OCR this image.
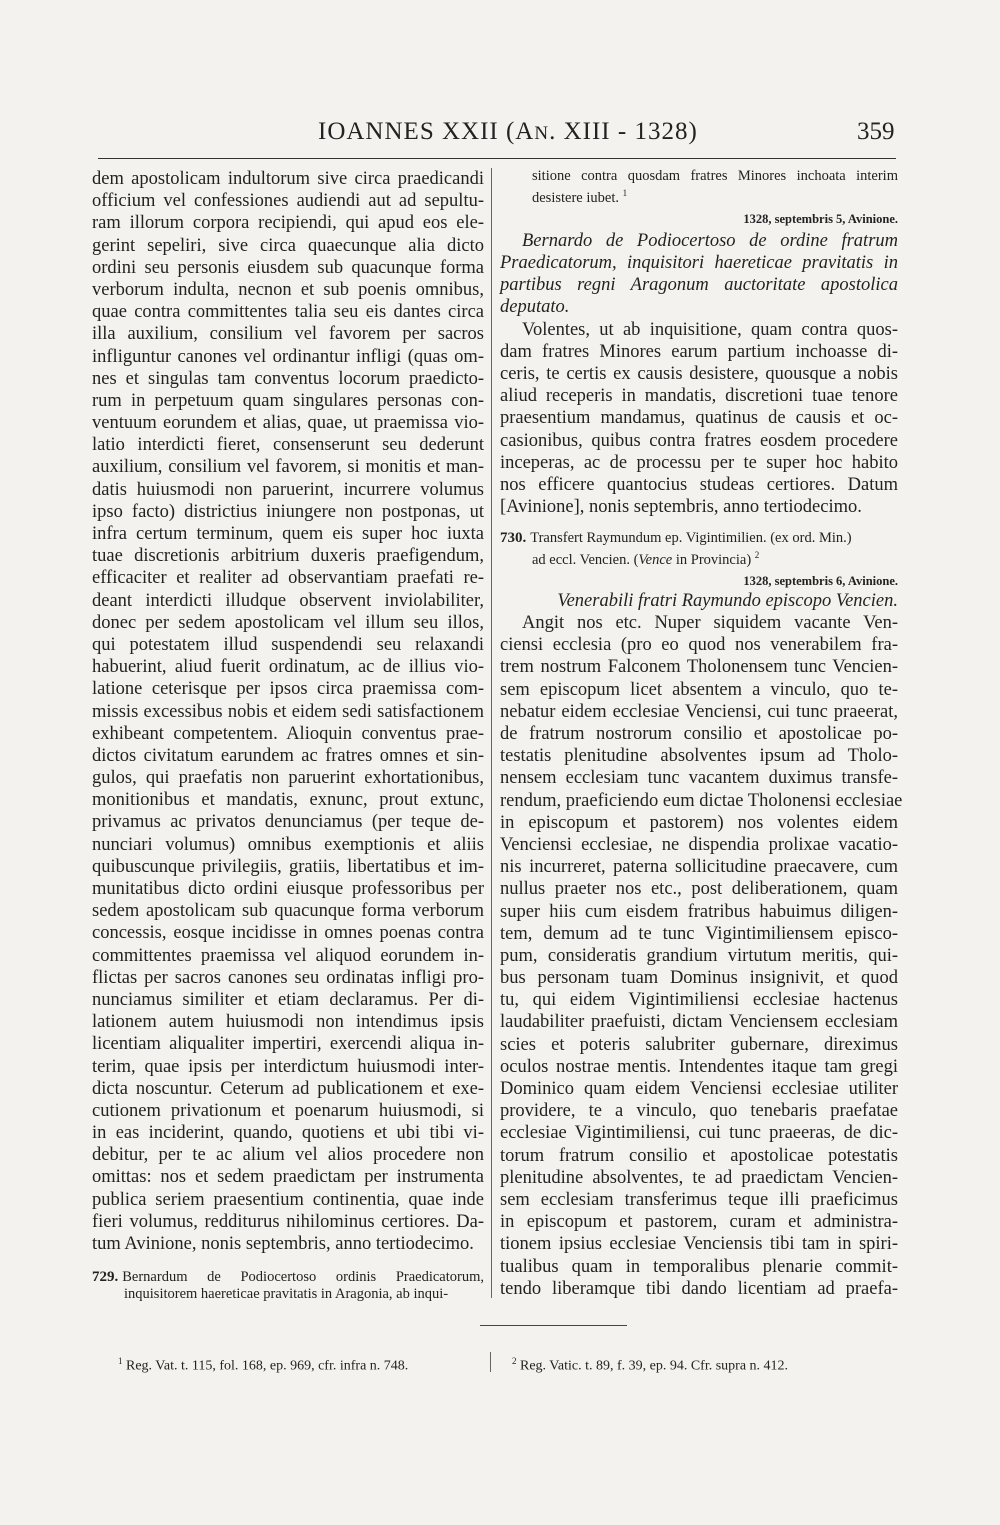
IOANNES XXII (AN. XIII - 1328)	359
dem apostolicam indultorum sive circa praedicandi
officium vel confessiones audiendi aut ad sepultu-
ram illorum corpora recipiendi, qui apud eos ele-
gerint sepeliri, sive circa quaecunque alia dicto
ordini seu personis eiusdem sub quacunque forma
verborum indulta, necnon et sub poenis omnibus,
quae contra committentes talia seu eis dantes circa
illa auxilium, consilium vel favorem per sacros
infliguntur canones vel ordinantur infligi (quas om-
nes et singulas tam conventus locorum praedicto-
rum in perpetuum quam singulares personas con-
ventuum eorundem et alias, quae, ut praemissa vio-
latio interdicti fieret, consenserunt seu dederunt
auxilium, consilium vel favorem, si monitis et man-
datis huiusmodi non paruerint, incurrere volumus
ipso facto) districtius iniungere non postponas, ut
infra certum terminum, quem eis super hoc iuxta
tuae discretionis arbitrium duxeris praefigendum,
efficaciter et realiter ad observantiam praefati re-
deant interdicti illudque observent inviolabiliter,
donec per sedem apostolicam vel illum seu illos,
qui potestatem illud suspendendi seu relaxandi
habuerint, aliud fuerit ordinatum, ac de illius vio-
latione ceterisque per ipsos circa praemissa com-
missis excessibus nobis et eidem sedi satisfactionem
exhibeant competentem. Alioquin conventus prae-
dictos civitatum earundem ac fratres omnes et sin-
gulos, qui praefatis non paruerint exhortationibus,
monitionibus et mandatis, exnunc, prout extunc,
privamus ac privatos denunciamus (per teque de-
nunciari volumus) omnibus exemptionis et aliis
quibuscunque privilegiis, gratiis, libertatibus et im-
munitatibus dicto ordini eiusque professoribus per
sedem apostolicam sub quacunque forma verborum
concessis, eosque incidisse in omnes poenas contra
committentes praemissa vel aliquod eorundem in-
flictas per sacros canones seu ordinatas infligi pro-
nunciamus similiter et etiam declaramus. Per di-
lationem autem huiusmodi non intendimus ipsis
licentiam aliqualiter impertiri, exercendi aliqua in-
terim, quae ipsis per interdictum huiusmodi inter-
dicta noscuntur. Ceterum ad publicationem et exe-
cutionem privationum et poenarum huiusmodi, si
in eas inciderint, quando, quotiens et ubi tibi vi-
debitur, per te ac alium vel alios procedere non
omittas: nos et sedem praedictam per instrumenta
publica seriem praesentium continentia, quae inde
fieri volumus, redditurus nihilominus certiores. Da-
tum Avinione, nonis septembris, anno tertiodecimo.
729. Bernardum de Podiocertoso ordinis Praedicatorum,
inquisitorem haereticae pravitatis in Aragonia, ab inqui-
sitione contra quosdam fratres Minores inchoata interim
desistere iubet. $^1$
1328, septembris 5, Avinione.
Bernardo de Podiocertoso de ordine fratrum
Praedicatorum, inquisitori haereticae pravitatis in
partibus regni Aragonum auctoritate apostolica
deputato.
Volentes, ut ab inquisitione, quam contra quos-
dam fratres Minores earum partium inchoasse di-
ceris, te certis ex causis desistere, quousque a nobis
aliud receperis in mandatis, discretioni tuae tenore
praesentium mandamus, quatinus de causis et oc-
casionibus, quibus contra fratres eosdem procedere
inceperas, ac de processu per te super hoc habito
nos efficere quantocius studeas certiores. Datum
[Avinione], nonis septembris, anno tertiodecimo.
730. Transfert Raymundum ep. Vigintimilien. (ex ord. Min.)
ad eccl. Vencien. (Vence in Provincia) $^2$
1328, septembris 6, Avinione.
Venerabili fratri Raymundo episcopo Vencien.
Angit nos etc. Nuper siquidem vacante Ven-
ciensi ecclesia (pro eo quod nos venerabilem fra-
trem nostrum Falconem Tholonensem tunc Vencien-
sem episcopum licet absentem a vinculo, quo te-
nebatur eidem ecclesiae Venciensi, cui tunc praeerat,
de fratrum nostrorum consilio et apostolicae po-
testatis plenitudine absolventes ipsum ad Tholo-
nensem ecclesiam tunc vacantem duximus transfe-
rendum, praeficiendo eum dictae Tholonensi ecclesiae
in episcopum et pastorem) nos volentes eidem
Venciensi ecclesiae, ne dispendia prolixae vacatio-
nis incurreret, paterna sollicitudine praecavere, cum
nullus praeter nos etc., post deliberationem, quam
super hiis cum eisdem fratribus habuimus diligen-
tem, demum ad te tunc Vigintimiliensem episco-
pum, consideratis grandium virtutum meritis, qui-
bus personam tuam Dominus insignivit, et quod
tu, qui eidem Vigintimiliensi ecclesiae hactenus
laudabiliter praefuisti, dictam Venciensem ecclesiam
scies et poteris salubriter gubernare, direximus
oculos nostrae mentis. Intendentes itaque tam gregi
Dominico quam eidem Venciensi ecclesiae utiliter
providere, te a vinculo, quo tenebaris praefatae
ecclesiae Vigintimiliensi, cui tunc praeeras, de dic-
torum fratrum consilio et apostolicae potestatis
plenitudine absolventes, te ad praedictam Vencien-
sem ecclesiam transferimus teque illi praeficimus
in episcopum et pastorem, curam et administra-
tionem ipsius ecclesiae Venciensis tibi tam in spiri-
tualibus quam in temporalibus plenarie commit-
tendo liberamque tibi dando licentiam ad praefa-
$^1$ Reg. Vat. t. 115, fol. 168, ep. 969, cfr. infra n. 748.	$^2$ Reg. Vatic. t. 89, f. 39, ep. 94. Cfr. supra n. 412.
